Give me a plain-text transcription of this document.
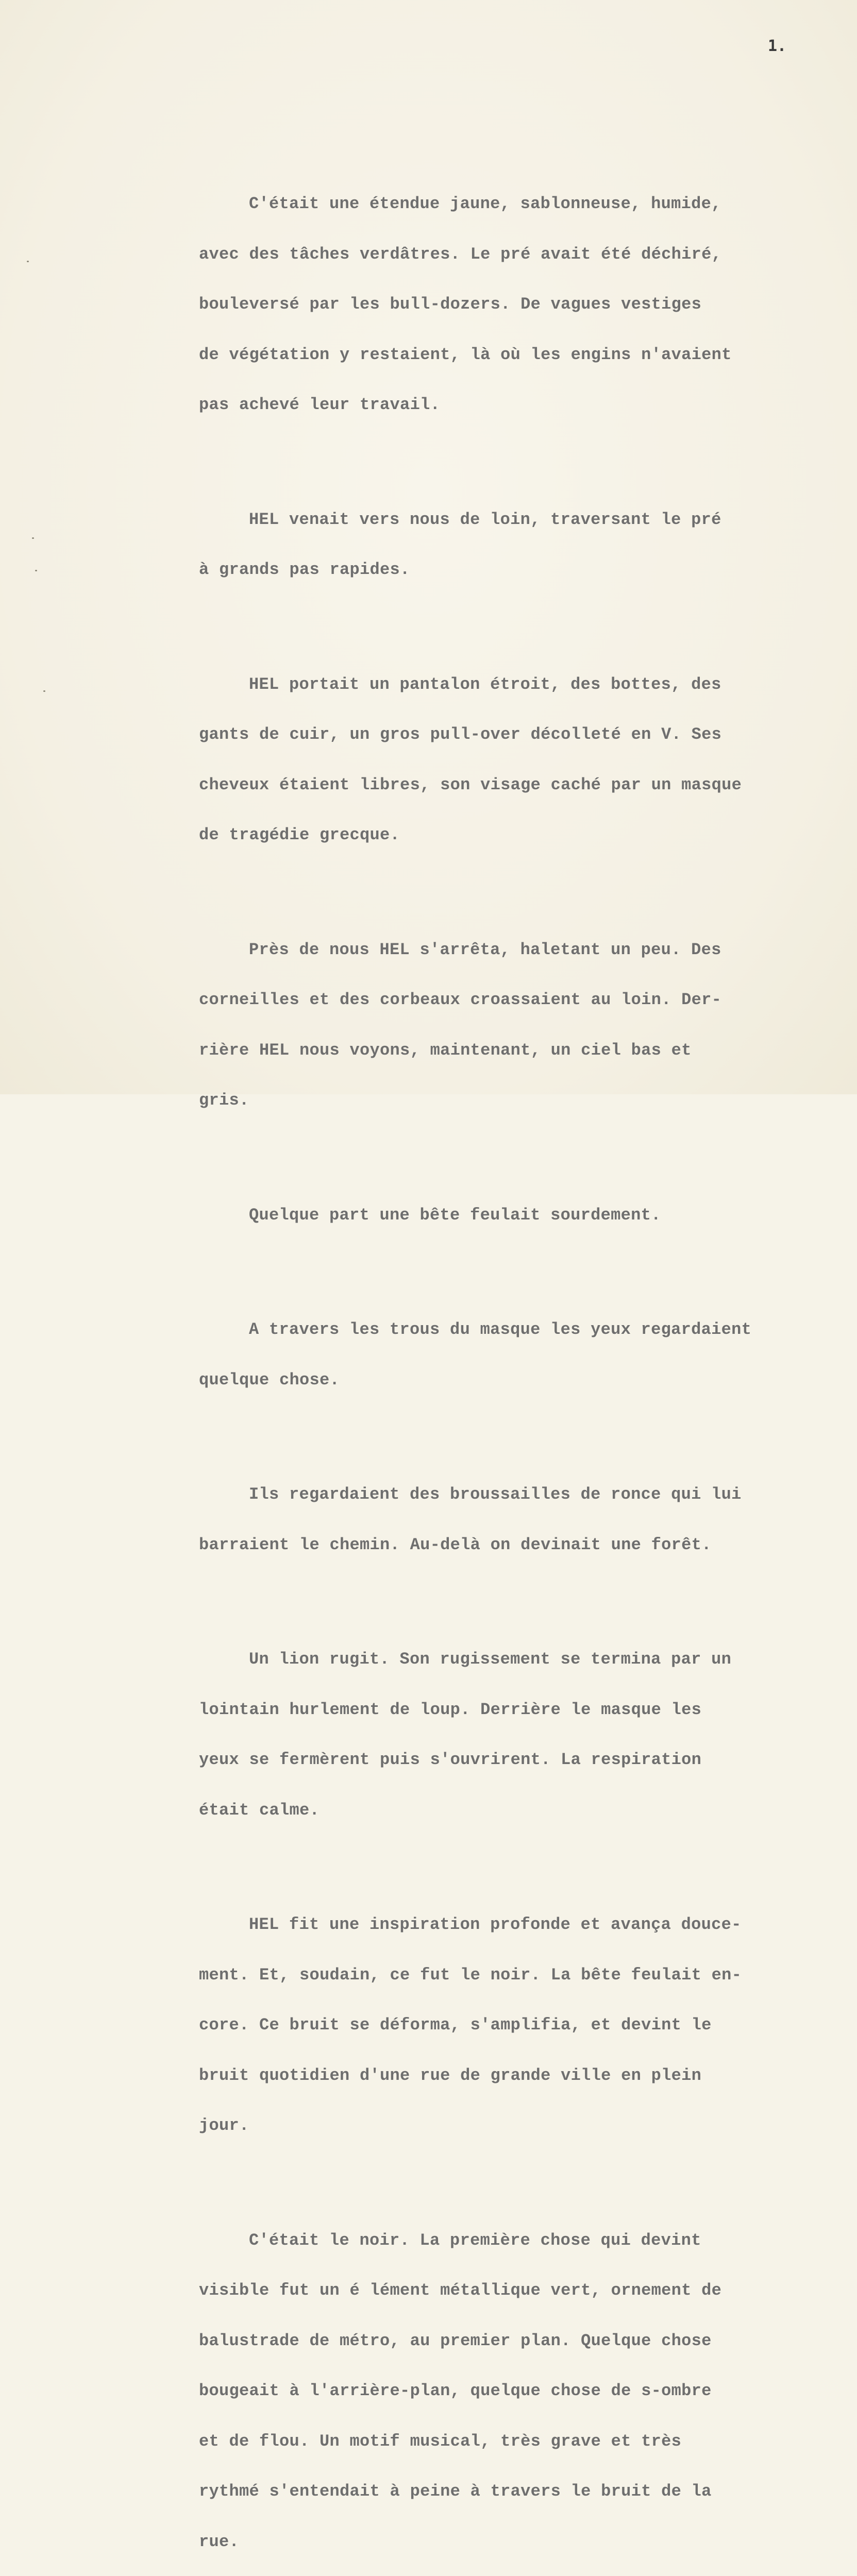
1.

C'était une étendue jaune, sablonneuse, humide,

avec des tâches verdâtres. Le pré avait été déchiré,

bouleversé par les bull-dozers. De vagues vestiges

de végétation y restaient, là où les engins n'avaient

pas achevé leur travail.

HEL venait vers nous de loin, traversant le pré

à grands pas rapides.

HEL portait un pantalon étroit, des bottes, des

gants de cuir, un gros pull-over décolleté en V. Ses

cheveux étaient libres, son visage caché par un masque

de tragédie grecque.

Près de nous HEL s'arrêta, haletant un peu. Des

corneilles et des corbeaux croassaient au loin. Der-

rière HEL nous voyons, maintenant, un ciel bas et

gris.

Quelque part une bête feulait sourdement.

A travers les trous du masque les yeux regardaient

quelque chose.

Ils regardaient des broussailles de ronce qui lui

barraient le chemin. Au-delà on devinait une forêt.

Un lion rugit. Son rugissement se termina par un

lointain hurlement de loup. Derrière le masque les

yeux se fermèrent puis s'ouvrirent. La respiration

était calme.

HEL fit une inspiration profonde et avança douce-

ment. Et, soudain, ce fut le noir. La bête feulait en-

core. Ce bruit se déforma, s'amplifia, et devint le

bruit quotidien d'une rue de grande ville en plein

jour.

C'était le noir. La première chose qui devint

visible fut un é lément métallique vert, ornement de

balustrade de métro, au premier plan. Quelque chose

bougeait à l'arrière-plan, quelque chose de s-ombre

et de flou. Un motif musical, très grave et très

rythmé s'entendait à peine à travers le bruit de la

rue.
